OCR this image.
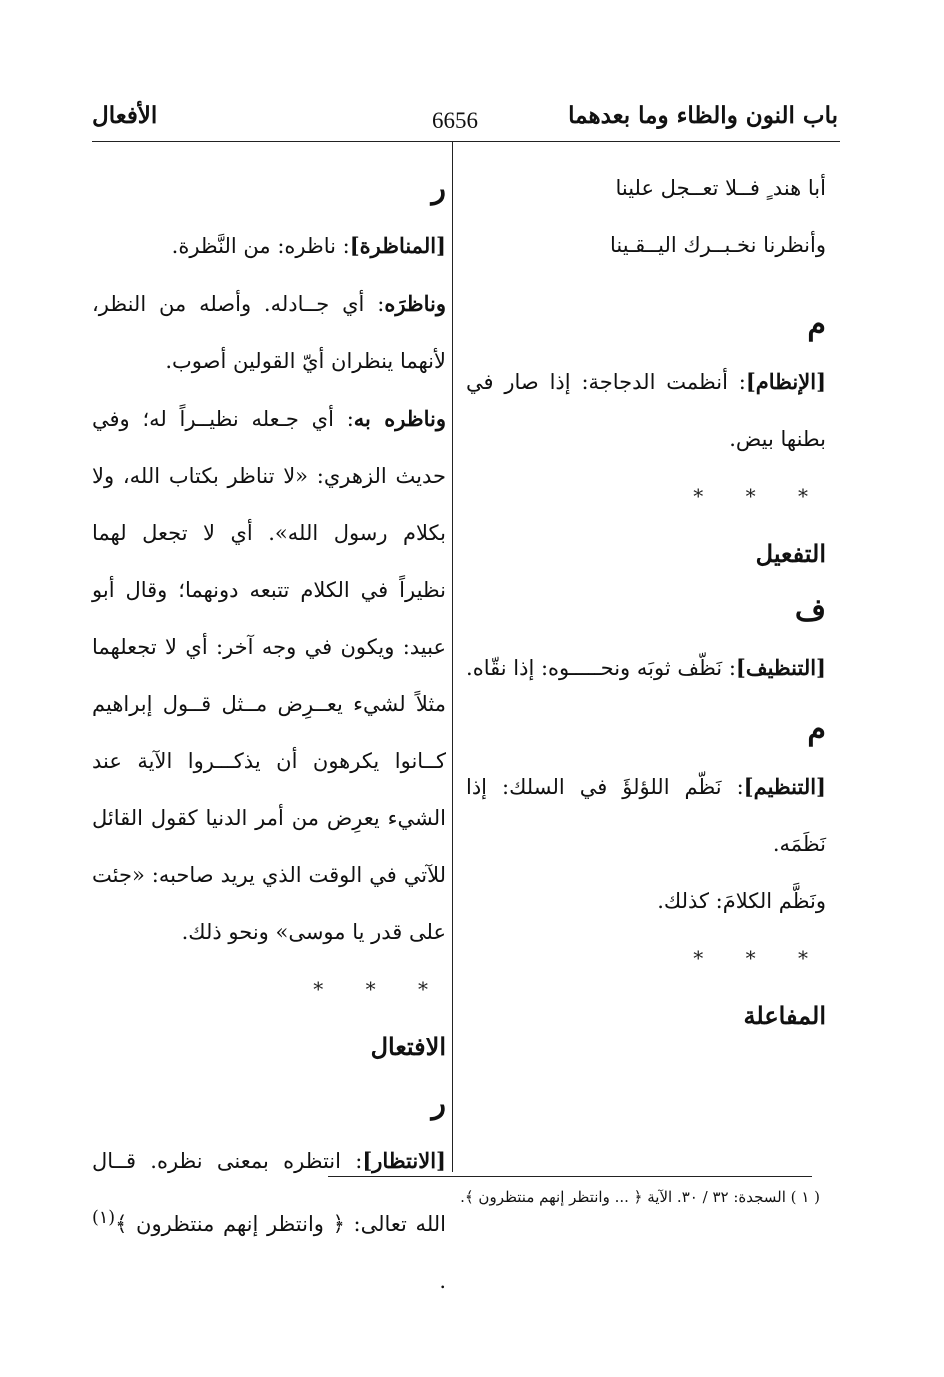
باب النون والظاء وما بعدهما
6656
الأفعال

أبا هند ٍ فــلا تعــجل علينا

وأنظرنا نخـبــرك اليــقـينا

م

[الإنظام]: أنظمت الدجاجة: إذا صار في بطنها بيض.

* * *

التفعيل

ف

[التنظيف]: نَظّف ثوبَه ونحـــــوه: إذا نقّاه.

م

[التنظيم]: نَظّم اللؤلؤَ في السلك: إذا نَظَمَه.

ونَظَّم الكلامَ: كذلك.

* * *

المفاعلة

ر

[المناظرة]: ناظره: من النَّظرة.

وناظرَه: أي جــادله. وأصله من النظر، لأنهما ينظران أيّ القولين أصوب.

وناظره به: أي جـعله نظيــراً له؛ وفي حديث الزهري: «لا تناظر بكتاب الله، ولا بكلام رسول الله». أي لا تجعل لهما نظيراً في الكلام تتبعه دونهما؛ وقال أبو عبيد: ويكون في وجه آخر: أي لا تجعلهما مثلاً لشيء يعــرِض مــثل قــول إبراهيم كــانوا يكرهون أن يذكـــروا الآية عند الشيء يعرِض من أمر الدنيا كقول القائل للآتي في الوقت الذي يريد صاحبه: «جئت على قدر يا موسى» ونحو ذلك.

* * *

الافتعال

ر

[الانتظار]: انتظره بمعنى نظره. قــال الله تعالى: ﴿ وانتظر إنهم منتظرون ﴾$^{(١)}$ .

( ١ ) السجدة: ٣٢ / ٣٠. الآية ﴿ ... وانتظر إنهم منتظرون ﴾.
